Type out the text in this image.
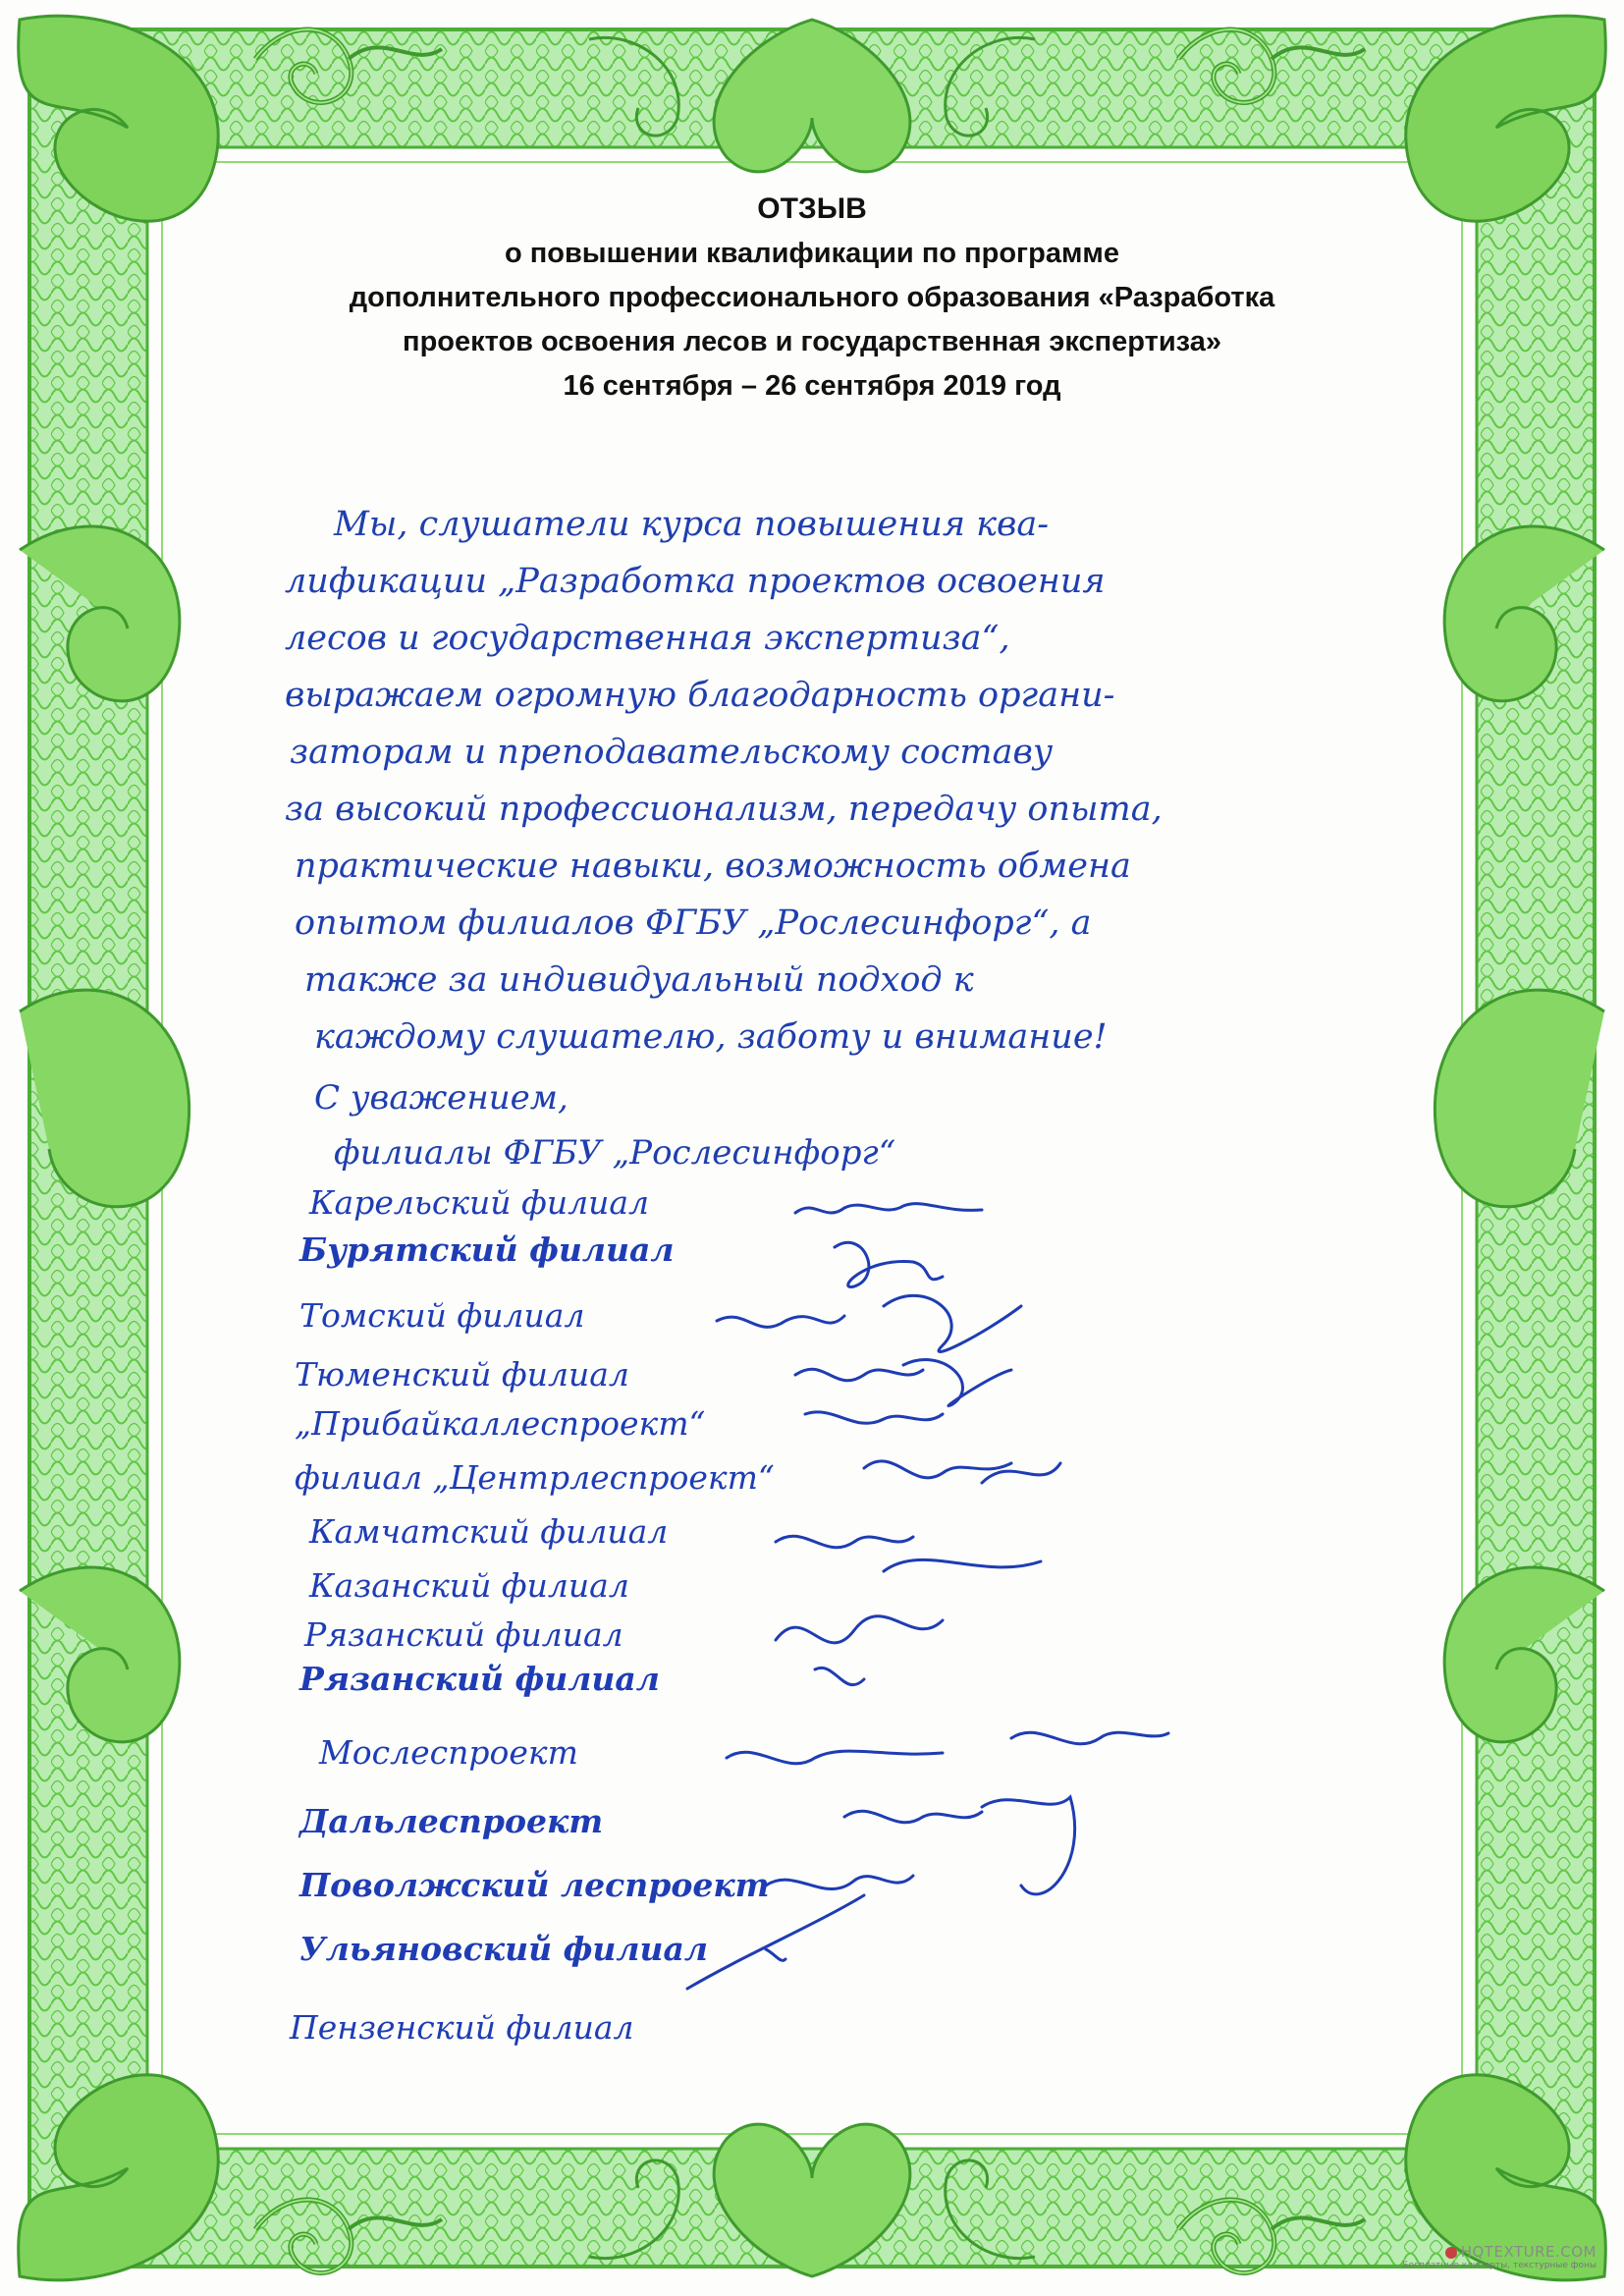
ОТЗЫВ
о повышении квалификации по программе
дополнительного профессионального образования «Разработка
проектов освоения лесов и государственная экспертиза»
16 сентября – 26 сентября 2019 год
Мы, слушатели курса повышения ква-
лификации „Разработка проектов освоения
лесов и государственная экспертиза“,
выражаем огромную благодарность органи-
заторам и преподавательскому составу
за высокий профессионализм, передачу опыта,
практические навыки, возможность обмена
опытом филиалов ФГБУ „Рослесинфорг“, а
также за индивидуальный подход к
каждому слушателю, заботу и внимание!
С уважением,
филиалы ФГБУ „Рослесинфорг“
Карельский филиал
Бурятский филиал
Томский филиал
Тюменский филиал
„Прибайкаллеспроект“
филиал „Центрлеспроект“
Камчатский филиал
Казанский филиал
Рязанский филиал
Рязанский филиал
Мослеспроект
Дальлеспроект
Поволжский леспроект
Ульяновский филиал
Пензенский филиал
HQTEXTURE.COM
Бесплатные клипарты, текстурные фоны
